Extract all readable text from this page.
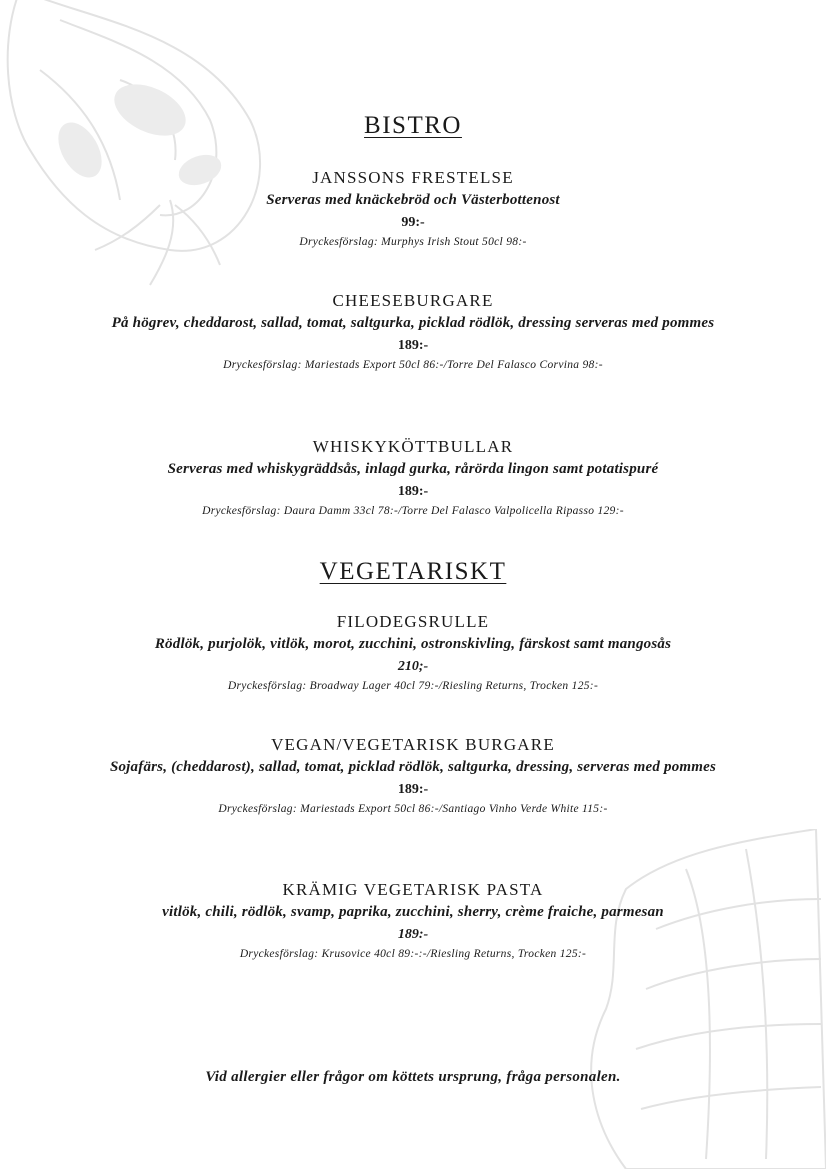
BISTRO
JANSSONS FRESTELSE
Serveras med knäckebröd och Västerbottenost
99:-
Dryckesförslag: Murphys Irish Stout 50cl 98:-
CHEESEBURGARE
På högrev, cheddarost, sallad, tomat, saltgurka, picklad rödlök, dressing serveras med pommes
189:-
Dryckesförslag: Mariestads Export 50cl 86:-/Torre Del Falasco Corvina 98:-
WHISKYKÖTTBULLAR
Serveras med whiskygräddsås, inlagd gurka, rårörda lingon samt potatispuré
189:-
Dryckesförslag: Daura Damm 33cl 78:-/Torre Del Falasco Valpolicella Ripasso 129:-
VEGETARISKT
FILODEGSRULLE
Rödlök, purjolök, vitlök, morot, zucchini, ostronskivling, färskost samt mangosås
210;-
Dryckesförslag: Broadway Lager 40cl 79:-/Riesling Returns, Trocken 125:-
VEGAN/VEGETARISK BURGARE
Sojafärs, (cheddarost), sallad, tomat, picklad rödlök, saltgurka, dressing, serveras med pommes
189:-
Dryckesförslag: Mariestads Export 50cl 86:-/Santiago Vinho Verde White 115:-
KRÄMIG VEGETARISK PASTA
vitlök, chili, rödlök, svamp, paprika, zucchini, sherry, crème fraiche, parmesan
189:-
Dryckesförslag: Krusovice 40cl 89:-:-/Riesling Returns, Trocken 125:-
Vid allergier eller frågor om köttets ursprung, fråga personalen.
